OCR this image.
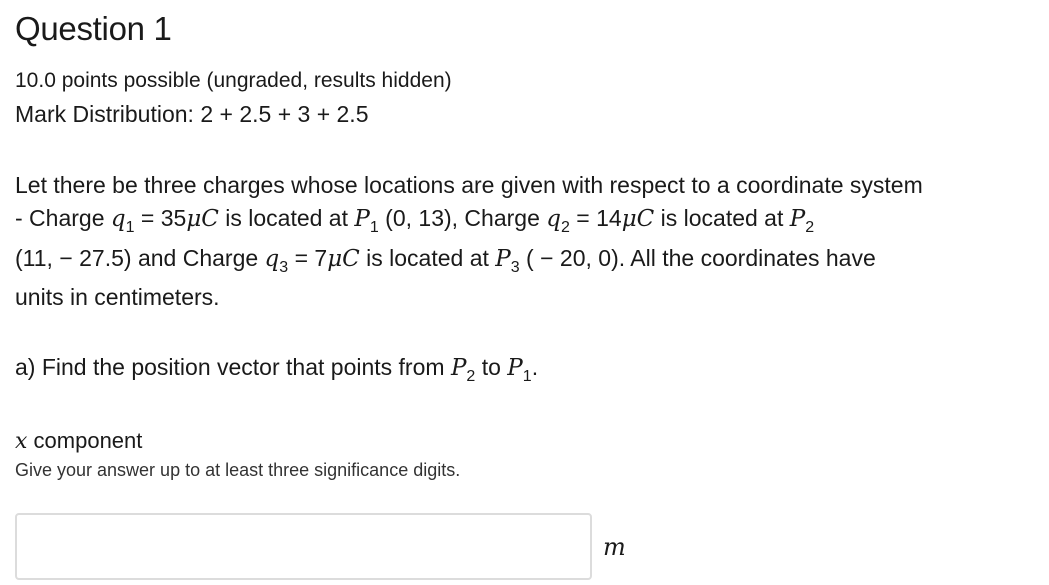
Question 1
10.0 points possible (ungraded, results hidden)
Mark Distribution: 2 + 2.5 + 3 + 2.5
Let there be three charges whose locations are given with respect to a coordinate system
- Charge $q_1 = 35\mu C$ is located at $P_1$ (0, 13), Charge $q_2 = 14\mu C$ is located at $P_2$
(11, − 27.5) and Charge $q_3 = 7\mu C$ is located at $P_3$ ( − 20, 0). All the coordinates have
units in centimeters.
a) Find the position vector that points from $P_2$ to $P_1$.
x component
Give your answer up to at least three significance digits.
m
